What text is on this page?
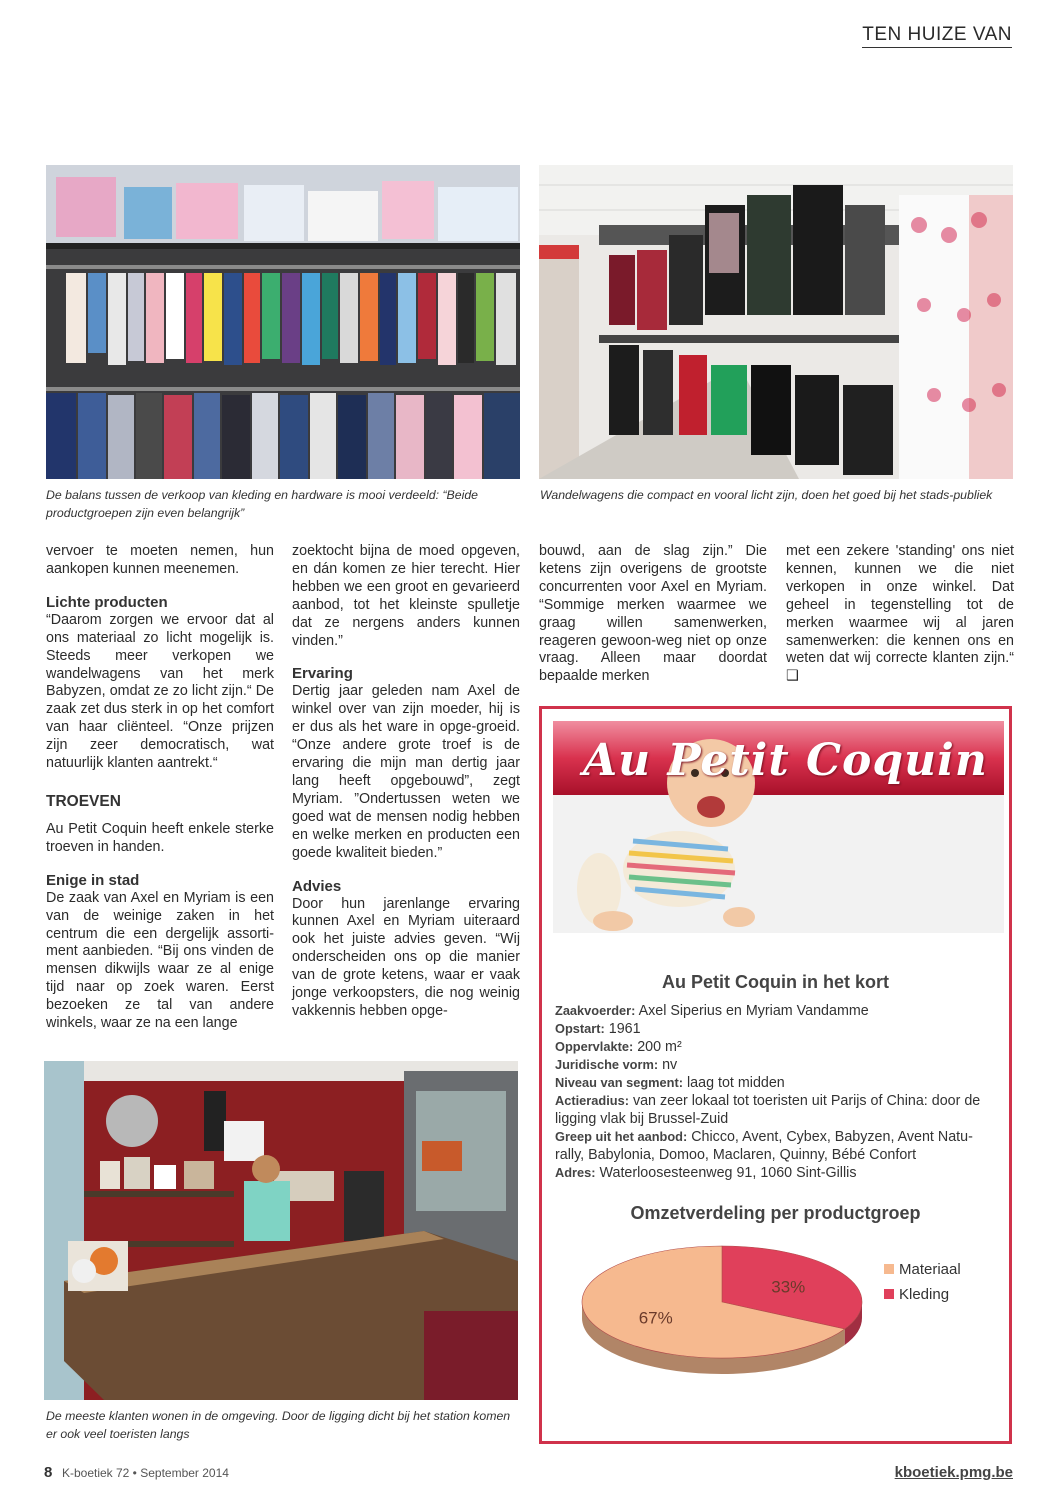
TEN HUIZE VAN
De balans tussen de verkoop van kleding en hardware is mooi verdeeld: “Beide productgroepen zijn even belangrijk”
Wandelwagens die compact en vooral licht zijn, doen het goed bij het stads-publiek

vervoer te moeten nemen, hun aankopen kunnen meenemen.

Lichte producten

“Daarom zorgen we ervoor dat al ons materiaal zo licht mogelijk is. Steeds meer verkopen we wandelwagens van het merk Babyzen, omdat ze zo licht zijn.“ De zaak zet dus sterk in op het comfort van haar cliënteel. “Onze prijzen zijn zeer democratisch, wat natuurlijk klanten aantrekt.“

TROEVEN

Au Petit Coquin heeft enkele sterke troeven in handen.

Enige in stad

De zaak van Axel en Myriam is een van de weinige zaken in het centrum die een dergelijk assorti-ment aanbieden. “Bij ons vinden de mensen dikwijls waar ze al enige tijd naar op zoek waren. Eerst bezoeken ze tal van andere winkels, waar ze na een lange

zoektocht bijna de moed opgeven, en dán komen ze hier terecht. Hier hebben we een groot en gevarieerd aanbod, tot het kleinste spulletje dat ze nergens anders kunnen vinden.”

Ervaring

Dertig jaar geleden nam Axel de winkel over van zijn moeder, hij is er dus als het ware in opge-groeid. “Onze andere grote troef is de ervaring die mijn man dertig jaar lang heeft opgebouwd”, zegt Myriam. ”Ondertussen weten we goed wat de mensen nodig hebben en welke merken en producten een goede kwaliteit bieden.”

Advies

Door hun jarenlange ervaring kunnen Axel en Myriam uiteraard ook het juiste advies geven. “Wij onderscheiden ons op die manier van de grote ketens, waar er vaak jonge verkoopsters, die nog weinig vakkennis hebben opge-

bouwd, aan de slag zijn.” Die ketens zijn overigens de grootste concurrenten voor Axel en Myriam. “Sommige merken waarmee we graag willen samenwerken, reageren gewoon-weg niet op onze vraag. Alleen maar doordat bepaalde merken

met een zekere 'standing' ons niet kennen, kunnen we die niet verkopen in onze winkel. Dat geheel in tegenstelling tot de merken waarmee wij al jaren samenwerken: die kennen ons en weten dat wij correcte klanten zijn.“ ❑

De meeste klanten wonen in de omgeving. Door de ligging dicht bij het station komen er ook veel toeristen langs
Au Petit Coquin
Au Petit Coquin in het kort
Zaakvoerder: Axel Siperius en Myriam Vandamme
Opstart: 1961
Oppervlakte: 200 m²
Juridische vorm: nv
Niveau van segment: laag tot midden
Actieradius: van zeer lokaal tot toeristen uit Parijs of China: door de ligging vlak bij Brussel-Zuid
Greep uit het aanbod: Chicco, Avent, Cybex, Babyzen, Avent Natu-rally, Babylonia, Domoo, Maclaren, Quinny, Bébé Confort
Adres: Waterloosesteenweg 91, 1060 Sint-Gillis
Omzetverdeling per productgroep
33%
67%
Materiaal
Kleding
8 K-boetiek 72 • September 2014	kboetiek.pmg.be
